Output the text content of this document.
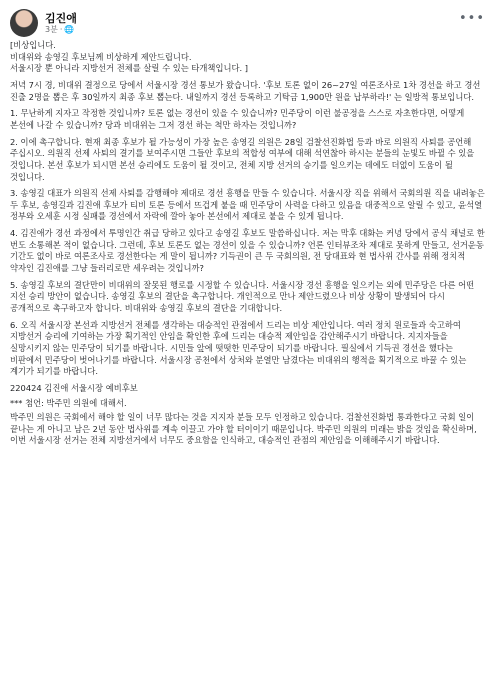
김진애
3분 · 🌐
•••

[비상입니다.
비대위와 송영길 후보님께 비상하게 제안드립니다.
서울시장 뿐 아니라 지방선거 전체를 살릴 수 있는 타개책입니다. ]

저녁 7시 경, 비대위 결정으로 당에서 서울시장 경선 통보가 왔습니다. '후보 토론 없이 26~27일 여론조사로 1차 경선을 하고 경선 진출 2명을 뽑은 후 30일까지 최종 후보 뽑는다. 내일까지 경선 등록하고 기탁금 1,900만 원을 납부하라!' 는 일방적 통보입니다.

1. 무난하게 지자고 작정한 것입니까? 토론 없는 경선이 있을 수 있습니까? 민주당이 이런 불공정을 스스로 자초한다면, 어떻게 본선에 나갈 수 있습니까? 당과 비대위는 그저 경선 하는 척만 하자는 것입니까?

2. 이에 촉구합니다. 현재 최종 후보가 될 가능성이 가장 높은 송영길 의원은 28일 검찰선진화법 등과 바로 의원직 사퇴를 공언해 주십시오. 의원직 선제 사퇴의 결기를 보여주시면 그들안 후보의 적합성 여부에 대해 석연찮아 하시는 분들의 눈빛도 바뀔 수 있을 것입니다. 본선 후보가 되시면 본선 승리에도 도움이 될 것이고, 전체 지방 선거의 승기를 일으키는 데에도 더없이 도움이 될 것입니다.

3. 송영길 대표가 의원직 선제 사퇴를 감행해야 제대로 경선 흥행을 만들 수 있습니다. 서울시장 직을 위해서 국회의원 직을 내려놓은 두 후보, 송영길과 김진애 후보가 티비 토론 등에서 뜨겁게 붙을 때 민주당이 사력을 다하고 있음을 대중적으로 알릴 수 있고, 윤석열 정부와 오세훈 시정 실패를 경선에서 자락에 깔아 놓아 본선에서 제대로 붙을 수 있게 됩니다.

4. 김진애가 경선 과정에서 투명인간 취급 당하고 있다고 송영길 후보도 말씀하십니다. 저는 막후 대화는 커녕 당에서 공식 채널로 한 번도 소통해본 적이 없습니다. 그런데, 후보 토론도 없는 경선이 있을 수 있습니까? 언론 인터뷰조차 제대로 못하게 만들고, 선거운동 기간도 없이 바로 여론조사로 경선한다는 게 말이 됩니까? 기득권이 큰 두 국회의원, 전 당대표와 현 법사위 간사를 위해 정치적 약자인 김진애를 그냥 들러리로만 세우려는 것입니까?

5. 송영길 후보의 결단만이 비대위의 잘못된 행로를 시정할 수 있습니다. 서울시장 경선 흥행을 일으키는 외에 민주당은 다른 어떤 지선 승리 방안이 없습니다. 송영길 후보의 결단을 촉구합니다. 개인적으로 만나 제안드렸으나 비상 상황이 발생되어 다시 공개적으로 촉구하고자 합니다. 비대위와 송영길 후보의 결단을 기대합니다.

6. 오직 서울시장 본선과 지방선거 전체를 생각하는 대승적인 관점에서 드리는 비상 제안입니다. 여러 정치 원로들과 숙고하여 지방선거 승리에 기여하는 가장 획기적인 안임을 확인한 후에 드리는 대승적 제안임을 감안해주시기 바랍니다. 지지자들을 실망시키지 않는 민주당이 되기를 바랍니다. 시민들 앞에 떳떳한 민주당이 되기를 바랍니다. 필실에서 기득권 경선을 했다는 비판에서 민주당이 벗어나기를 바랍니다. 서울시장 공천에서 상처와 분열만 남겼다는 비대위의 행적을 획기적으로 바꿀 수 있는 계기가 되기를 바랍니다.

220424 김진애 서울시장 예비후보

*** 첨언: 박주민 의원에 대해서.

박주민 의원은 국회에서 해야 할 일이 너무 많다는 것을 지지자 분들 모두 인정하고 있습니다. 검찰선진화법 통과한다고 국회 일이 끝나는 게 아니고 남은 2년 동안 법사위를 계속 이끌고 가야 할 터이이기 때문입니다. 박주민 의원의 미래는 밝을 것임을 확신하며, 이번 서울시장 선거는 전체 지방선거에서 너무도 중요함을 인식하고, 대승적인 관점의 제안임을 이해해주시기 바랍니다.
